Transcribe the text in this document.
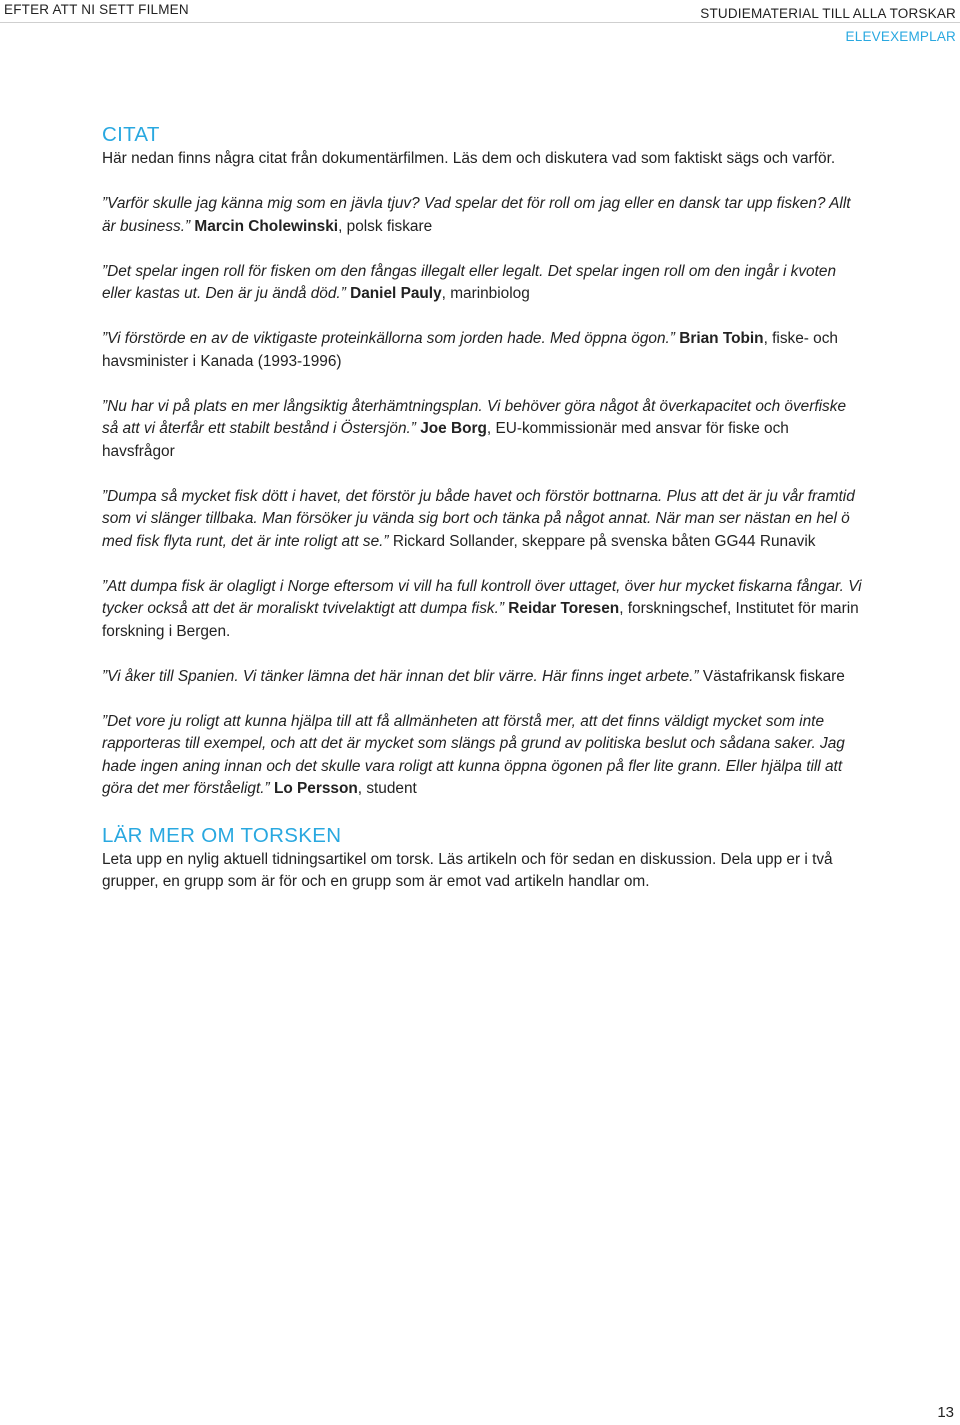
EFTER ATT NI SETT FILMEN	STUDIEMATERIAL TILL ALLA TORSKAR
ELEVEXEMPLAR
CITAT

Här nedan finns några citat från dokumentärfilmen. Läs dem och diskutera vad som faktiskt sägs och varför.

”Varför skulle jag känna mig som en jävla tjuv? Vad spelar det för roll om jag eller en dansk tar upp fisken? Allt är business.” Marcin Cholewinski, polsk fiskare

”Det spelar ingen roll för fisken om den fångas illegalt eller legalt. Det spelar ingen roll om den ingår i kvoten eller kastas ut. Den är ju ändå död.” Daniel Pauly, marinbiolog

”Vi förstörde en av de viktigaste proteinkällorna som jorden hade. Med öppna ögon.” Brian Tobin, fiske- och havsminister i Kanada (1993-1996)

”Nu har vi på plats en mer långsiktig återhämtningsplan. Vi behöver göra något åt överkapacitet och överfiske så att vi återfår ett stabilt bestånd i Östersjön.” Joe Borg, EU-kommissionär med ansvar för fiske och havsfrågor

”Dumpa så mycket fisk dött i havet, det förstör ju både havet och förstör bottnarna. Plus att det är ju vår framtid som vi slänger tillbaka. Man försöker ju vända sig bort och tänka på något annat. När man ser nästan en hel ö med fisk flyta runt, det är inte roligt att se.” Rickard Sollander, skeppare på svenska båten GG44 Runavik

”Att dumpa fisk är olagligt i Norge eftersom vi vill ha full kontroll över uttaget, över hur mycket fiskarna fångar. Vi tycker också att det är moraliskt tvivelaktigt att dumpa fisk.” Reidar Toresen, forskningschef, Institutet för marin forskning i Bergen.

”Vi åker till Spanien. Vi tänker lämna det här innan det blir värre. Här finns inget arbete.” Västafrikansk fiskare

”Det vore ju roligt att kunna hjälpa till att få allmänheten att förstå mer, att det finns väldigt mycket som inte rapporteras till exempel, och att det är mycket som slängs på grund av politiska beslut och sådana saker. Jag hade ingen aning innan och det skulle vara roligt att kunna öppna ögonen på fler lite grann. Eller hjälpa till att göra det mer förståeligt.” Lo Persson, student

LÄR MER OM TORSKEN

Leta upp en nylig aktuell tidningsartikel om torsk. Läs artikeln och för sedan en diskussion. Dela upp er i två grupper, en grupp som är för och en grupp som är emot vad artikeln handlar om.

13
